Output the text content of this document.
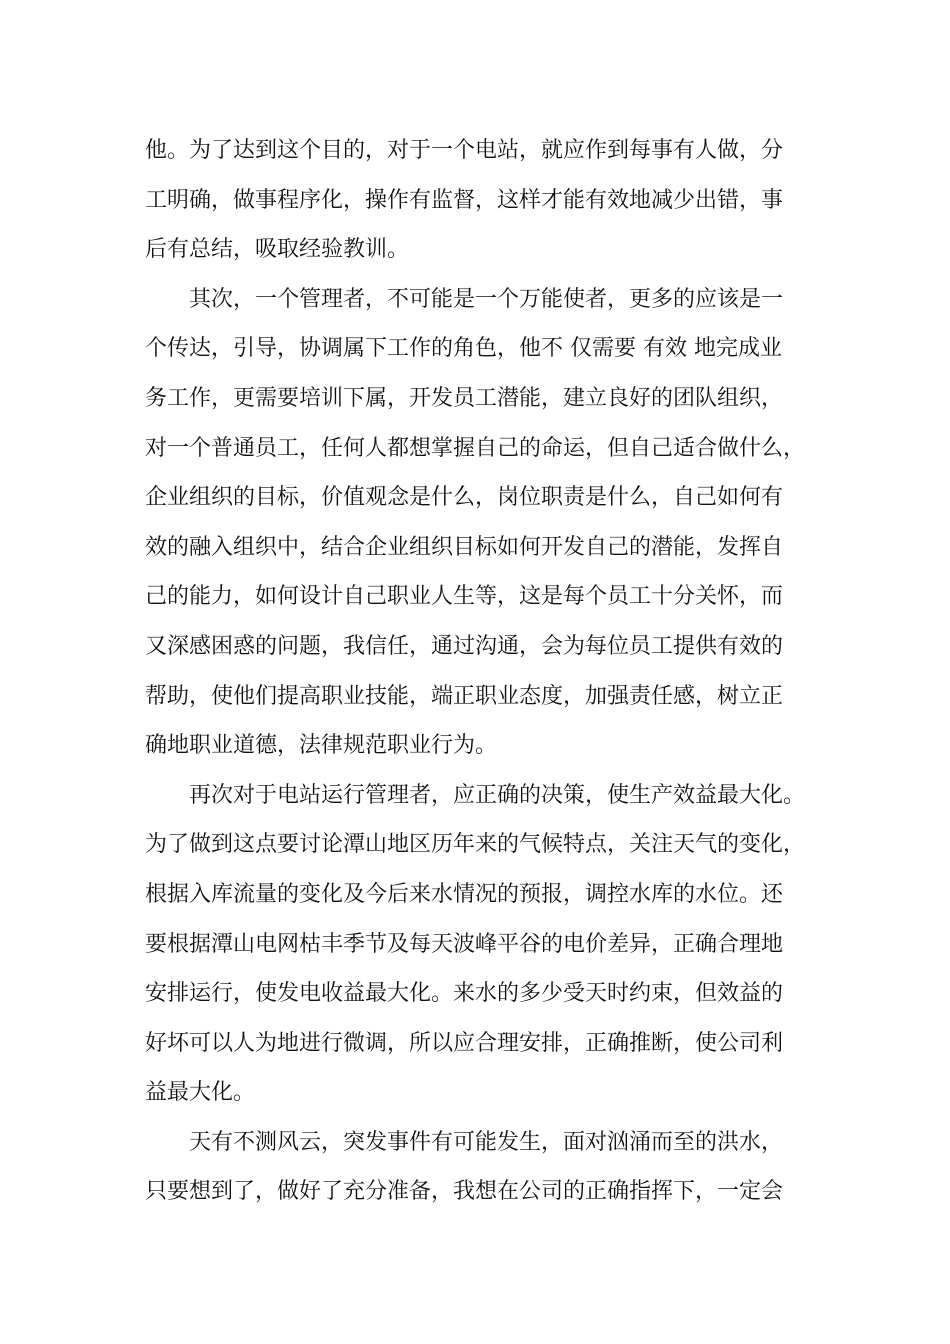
他。为了达到这个目的，对于一个电站，就应作到每事有人做，分
工明确，做事程序化，操作有监督，这样才能有效地减少出错，事
后有总结，吸取经验教训。
其次，一个管理者，不可能是一个万能使者，更多的应该是一
个传达，引导，协调属下工作的角色，他不 仅需要 有效 地完成业
务工作，更需要培训下属，开发员工潜能，建立良好的团队组织，
对一个普通员工，任何人都想掌握自己的命运，但自己适合做什么，
企业组织的目标，价值观念是什么，岗位职责是什么，自己如何有
效的融入组织中，结合企业组织目标如何开发自己的潜能，发挥自
己的能力，如何设计自己职业人生等，这是每个员工十分关怀，而
又深感困惑的问题，我信任，通过沟通，会为每位员工提供有效的
帮助，使他们提高职业技能，端正职业态度，加强责任感，树立正
确地职业道德，法律规范职业行为。
再次对于电站运行管理者，应正确的决策，使生产效益最大化。
为了做到这点要讨论潭山地区历年来的气候特点，关注天气的变化，
根据入库流量的变化及今后来水情况的预报，调控水库的水位。还
要根据潭山电网枯丰季节及每天波峰平谷的电价差异，正确合理地
安排运行，使发电收益最大化。来水的多少受天时约束，但效益的
好坏可以人为地进行微调，所以应合理安排，正确推断，使公司利
益最大化。
天有不测风云，突发事件有可能发生，面对汹涌而至的洪水，
只要想到了，做好了充分准备，我想在公司的正确指挥下，一定会
